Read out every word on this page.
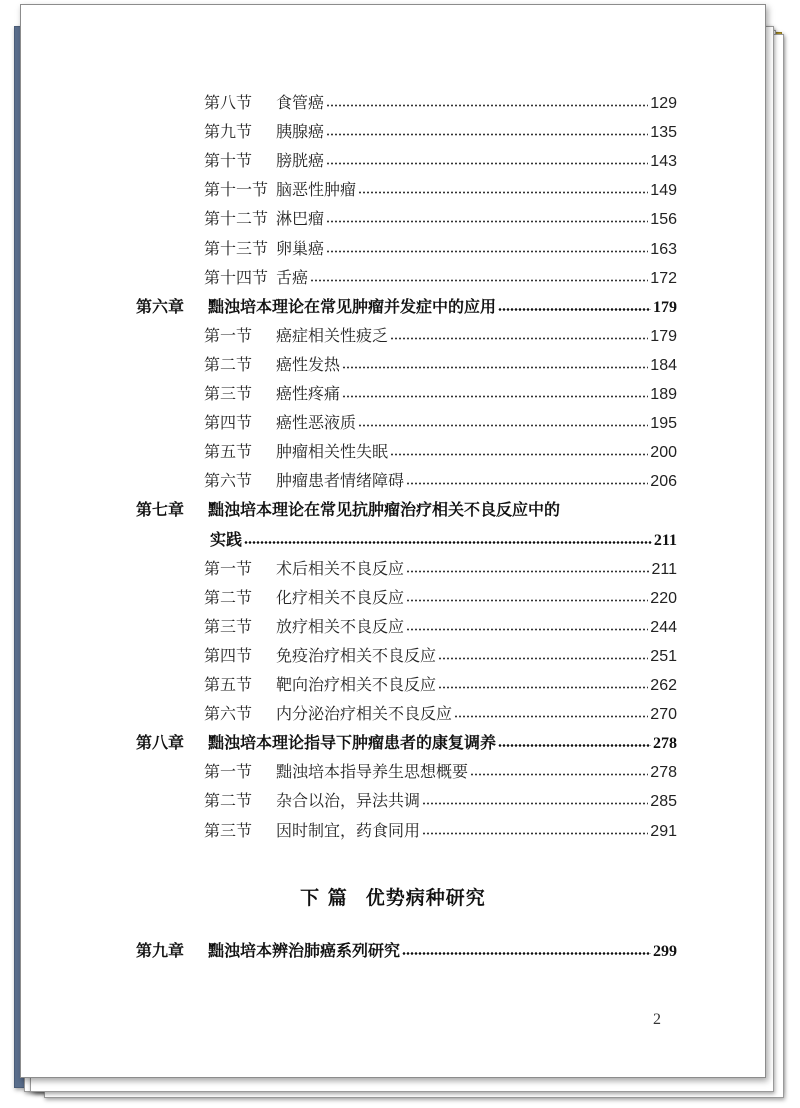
第八节	食管癌	129
第九节	胰腺癌	135
第十节	膀胱癌	143
第十一节 脑恶性肿瘤	149
第十二节 淋巴瘤	156
第十三节 卵巢癌	163
第十四节 舌癌	172
第六章	黜浊培本理论在常见肿瘤并发症中的应用	179
第一节	癌症相关性疲乏	179
第二节	癌性发热	184
第三节	癌性疼痛	189
第四节	癌性恶液质	195
第五节	肿瘤相关性失眠	200
第六节	肿瘤患者情绪障碍	206
第七章	黜浊培本理论在常见抗肿瘤治疗相关不良反应中的
实践	211
第一节	术后相关不良反应	211
第二节	化疗相关不良反应	220
第三节	放疗相关不良反应	244
第四节	免疫治疗相关不良反应	251
第五节	靶向治疗相关不良反应	262
第六节	内分泌治疗相关不良反应	270
第八章	黜浊培本理论指导下肿瘤患者的康复调养	278
第一节	黜浊培本指导养生思想概要	278
第二节	杂合以治，异法共调	285
第三节	因时制宜，药食同用	291
下 篇 优势病种研究
第九章	黜浊培本辨治肺癌系列研究	299
2
